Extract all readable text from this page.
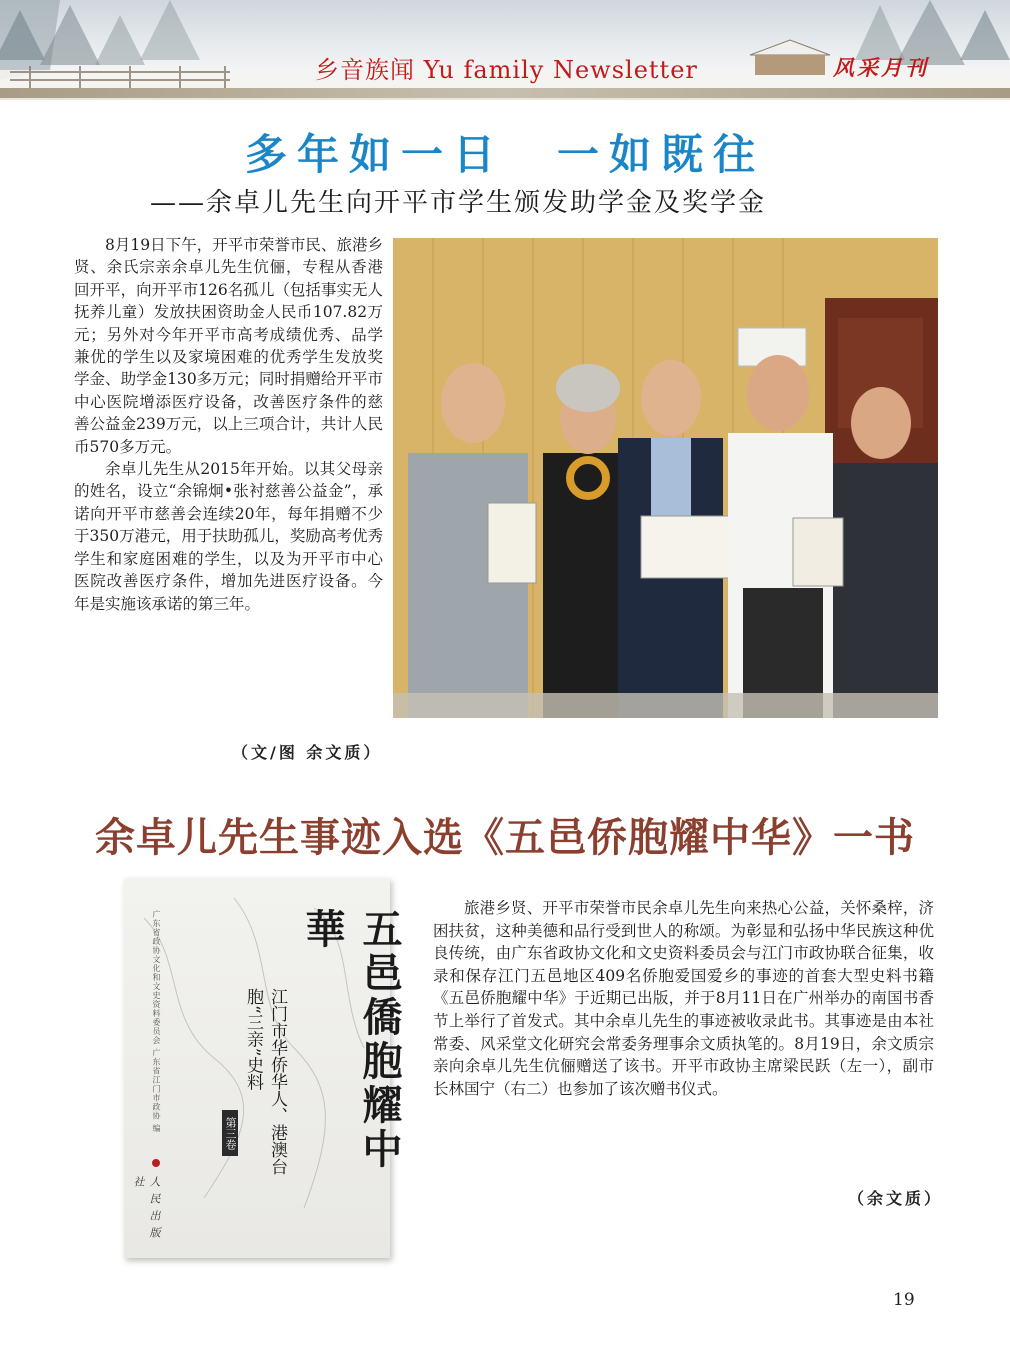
乡音族闻 Yu family Newsletter	风采月刊
多年如一日　一如既往
——余卓儿先生向开平市学生颁发助学金及奖学金

8月19日下午，开平市荣誉市民、旅港乡贤、余氏宗亲余卓儿先生伉俪，专程从香港回开平，向开平市126名孤儿（包括事实无人抚养儿童）发放扶困资助金人民币107.82万元；另外对今年开平市高考成绩优秀、品学兼优的学生以及家境困难的优秀学生发放奖学金、助学金130多万元；同时捐赠给开平市中心医院增添医疗设备，改善医疗条件的慈善公益金239万元，以上三项合计，共计人民币570多万元。

余卓儿先生从2015年开始。以其父母亲的姓名，设立“余锦炯•张衬慈善公益金”，承诺向开平市慈善会连续20年，每年捐赠不少于350万港元，用于扶助孤儿，奖励高考优秀学生和家庭困难的学生，以及为开平市中心医院改善医疗条件，增加先进医疗设备。今年是实施该承诺的第三年。

（文/图 余文质）
余卓儿先生事迹入选《五邑侨胞耀中华》一书
广东省政协文化和文史资料委员会 广东省江门市政协 编	五邑僑胞耀中華
江门市华侨华人、港澳台胞“三亲”史料
第三卷
人民出版社

旅港乡贤、开平市荣誉市民余卓儿先生向来热心公益，关怀桑梓，济困扶贫，这种美德和品行受到世人的称颂。为彰显和弘扬中华民族这种优良传统，由广东省政协文化和文史资料委员会与江门市政协联合征集，收录和保存江门五邑地区409名侨胞爱国爱乡的事迹的首套大型史料书籍《五邑侨胞耀中华》于近期已出版，并于8月11日在广州举办的南国书香节上举行了首发式。其中余卓儿先生的事迹被收录此书。其事迹是由本社常委、风采堂文化研究会常委务理事余文质执笔的。8月19日，余文质宗亲向余卓儿先生伉俪赠送了该书。开平市政协主席梁民跃（左一），副市长林国宁（右二）也参加了该次赠书仪式。

（余文质）
19
